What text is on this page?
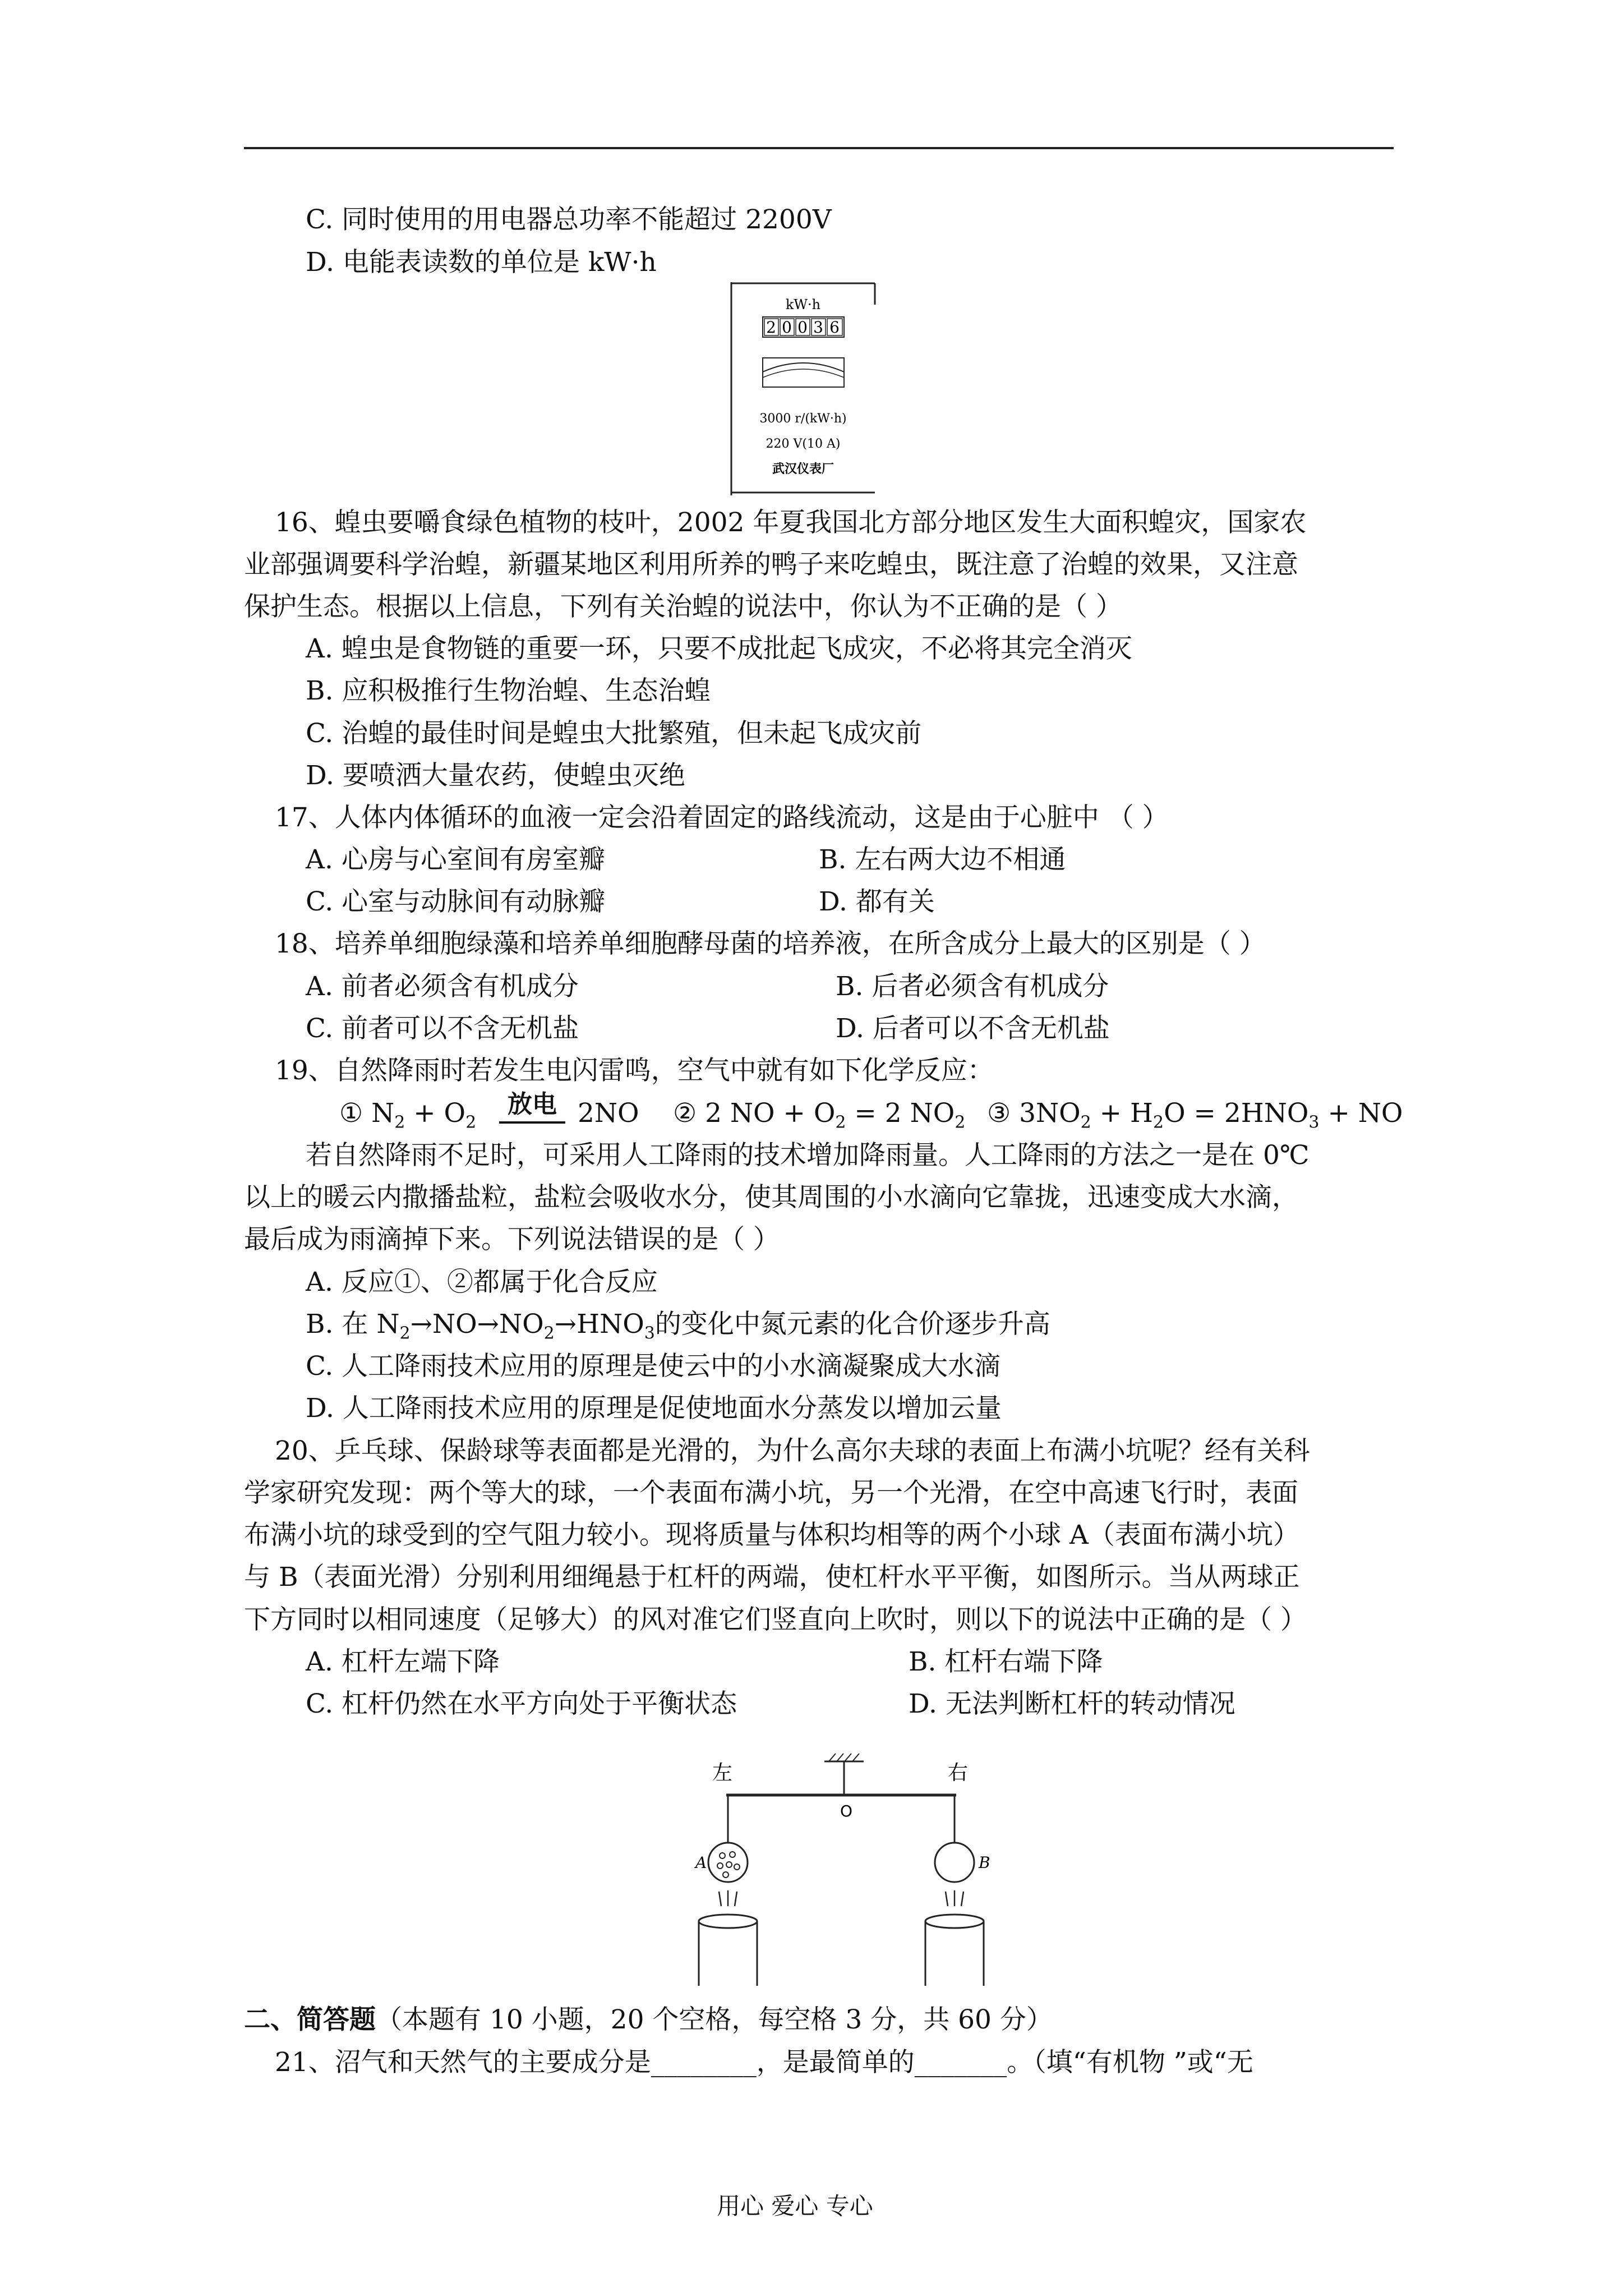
C. 同时使用的用电器总功率不能超过 2200V
D. 电能表读数的单位是 kW·h
kW·h
2 0 0 3 6
3000 r/(kW·h)
220 V(10 A)
武汉仪表厂
16、蝗虫要嚼食绿色植物的枝叶，2002 年夏我国北方部分地区发生大面积蝗灾，国家农
业部强调要科学治蝗，新疆某地区利用所养的鸭子来吃蝗虫，既注意了治蝗的效果，又注意
保护生态。根据以上信息，下列有关治蝗的说法中，你认为不正确的是（ ）
A. 蝗虫是食物链的重要一环，只要不成批起飞成灾，不必将其完全消灭
B. 应积极推行生物治蝗、生态治蝗
C. 治蝗的最佳时间是蝗虫大批繁殖，但未起飞成灾前
D. 要喷洒大量农药，使蝗虫灭绝
17、人体内体循环的血液一定会沿着固定的路线流动，这是由于心脏中 （ ）
A. 心房与心室间有房室瓣	B. 左右两大边不相通
C. 心室与动脉间有动脉瓣	D. 都有关
18、培养单细胞绿藻和培养单细胞酵母菌的培养液，在所含成分上最大的区别是（ ）
A. 前者必须含有机成分	B. 后者必须含有机成分
C. 前者可以不含无机盐	D. 后者可以不含无机盐
19、自然降雨时若发生电闪雷鸣，空气中就有如下化学反应：
① $N_2 + O_2$
放电 2NO ② 2 NO + $O_2 = 2$ $NO_2$ ③ $3NO_2 + H_2O = 2HNO_3$ + NO
若自然降雨不足时，可采用人工降雨的技术增加降雨量。人工降雨的方法之一是在 0℃
以上的暖云内撒播盐粒，盐粒会吸收水分，使其周围的小水滴向它靠拢，迅速变成大水滴，
最后成为雨滴掉下来。下列说法错误的是（ ）
A. 反应①、②都属于化合反应
B. 在 $N_2\to NO\to NO_2\to HNO_3$的变化中氮元素的化合价逐步升高
C. 人工降雨技术应用的原理是使云中的小水滴凝聚成大水滴
D. 人工降雨技术应用的原理是促使地面水分蒸发以增加云量
20、乒乓球、保龄球等表面都是光滑的，为什么高尔夫球的表面上布满小坑呢？经有关科
学家研究发现：两个等大的球，一个表面布满小坑，另一个光滑，在空中高速飞行时，表面
布满小坑的球受到的空气阻力较小。现将质量与体积均相等的两个小球 A（表面布满小坑）
与 B（表面光滑）分别利用细绳悬于杠杆的两端，使杠杆水平平衡，如图所示。当从两球正
下方同时以相同速度（足够大）的风对准它们竖直向上吹时，则以下的说法中正确的是（ ）
A. 杠杆左端下降	B. 杠杆右端下降
C. 杠杆仍然在水平方向处于平衡状态	D. 无法判断杠杆的转动情况
左	右
O
A	B
二、简答题（本题有 10 小题，20 个空格，每空格 3 分，共 60 分）
21、沼气和天然气的主要成分是________，是最简单的_______。（填“有机物 ”或“无
用心 爱心 专心
